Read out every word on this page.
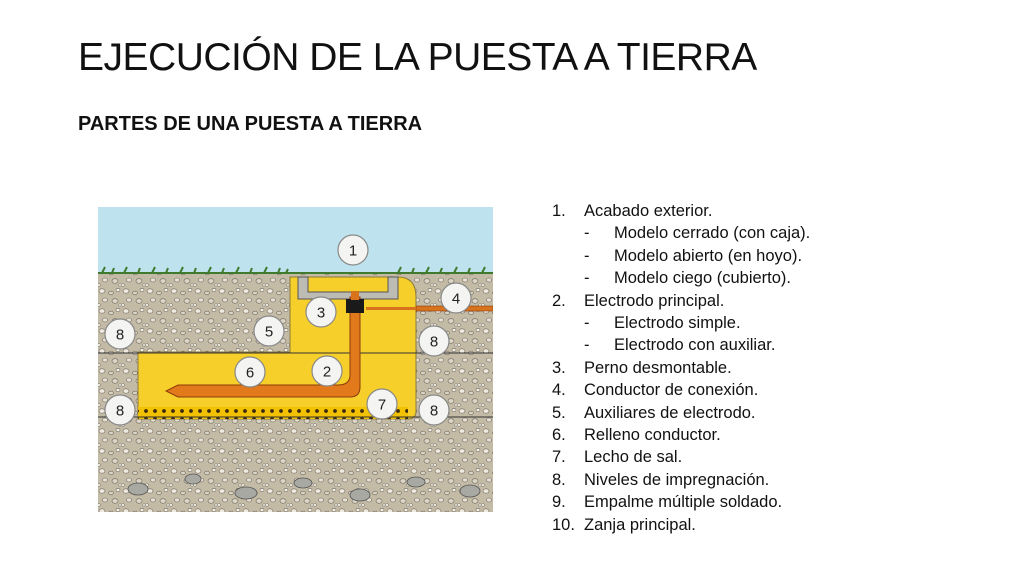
EJECUCIÓN DE LA PUESTA A TIERRA
PARTES DE UNA PUESTA A TIERRA
1
3
4
8	5
8
6	2
8	7	8
1. Acabado exterior.
- Modelo cerrado (con caja).
- Modelo abierto (en hoyo).
- Modelo ciego (cubierto).
2. Electrodo principal.
- Electrodo simple.
- Electrodo con auxiliar.
3. Perno desmontable.
4. Conductor de conexión.
5. Auxiliares de electrodo.
6. Relleno conductor.
7. Lecho de sal.
8. Niveles de impregnación.
9. Empalme múltiple soldado.
10. Zanja principal.
